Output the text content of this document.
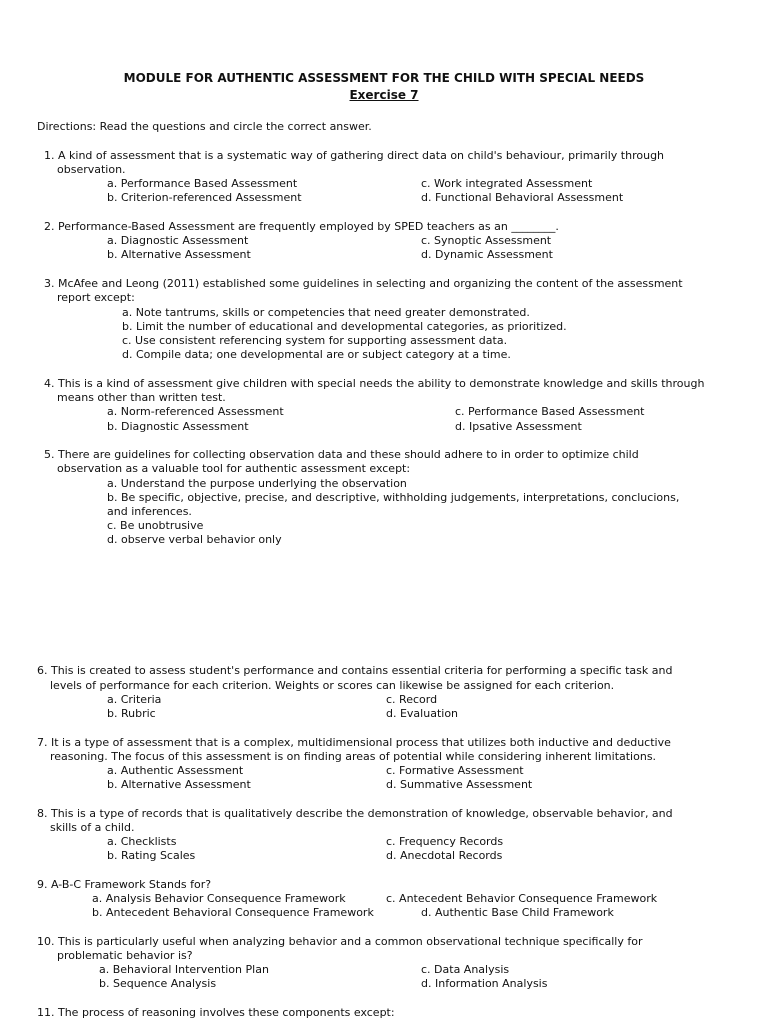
MODULE FOR AUTHENTIC ASSESSMENT FOR THE CHILD WITH SPECIAL NEEDS
Exercise 7
Directions: Read the questions and circle the correct answer.
1. A kind of assessment that is a systematic way of gathering direct data on child's behaviour, primarily through
observation.
a. Performance Based Assessment	c. Work integrated Assessment
b. Criterion-referenced Assessment	d. Functional Behavioral Assessment
2. Performance-Based Assessment are frequently employed by SPED teachers as an ________.
a. Diagnostic Assessment	c. Synoptic Assessment
b. Alternative Assessment	d. Dynamic Assessment
3. McAfee and Leong (2011) established some guidelines in selecting and organizing the content of the assessment
report except:
a. Note tantrums, skills or competencies that need greater demonstrated.
b. Limit the number of educational and developmental categories, as prioritized.
c. Use consistent referencing system for supporting assessment data.
d. Compile data; one developmental are or subject category at a time.
4. This is a kind of assessment give children with special needs the ability to demonstrate knowledge and skills through
means other than written test.
a. Norm-referenced Assessment	c. Performance Based Assessment
b. Diagnostic Assessment	d. Ipsative Assessment
5. There are guidelines for collecting observation data and these should adhere to in order to optimize child
observation as a valuable tool for authentic assessment except:
a. Understand the purpose underlying the observation
b. Be specific, objective, precise, and descriptive, withholding judgements, interpretations, conclucions,
and inferences.
c. Be unobtrusive
d. observe verbal behavior only
6. This is created to assess student's performance and contains essential criteria for performing a specific task and
levels of performance for each criterion. Weights or scores can likewise be assigned for each criterion.
a. Criteria	c. Record
b. Rubric	d. Evaluation
7. It is a type of assessment that is a complex, multidimensional process that utilizes both inductive and deductive
reasoning. The focus of this assessment is on finding areas of potential while considering inherent limitations.
a. Authentic Assessment	c. Formative Assessment
b. Alternative Assessment	d. Summative Assessment
8. This is a type of records that is qualitatively describe the demonstration of knowledge, observable behavior, and
skills of a child.
a. Checklists	c. Frequency Records
b. Rating Scales	d. Anecdotal Records
9. A-B-C Framework Stands for?
a. Analysis Behavior Consequence Framework	c. Antecedent Behavior Consequence Framework
b. Antecedent Behavioral Consequence Framework	d. Authentic Base Child Framework
10. This is particularly useful when analyzing behavior and a common observational technique specifically for
problematic behavior is?
a. Behavioral Intervention Plan	c. Data Analysis
b. Sequence Analysis	d. Information Analysis
11. The process of reasoning involves these components except:
